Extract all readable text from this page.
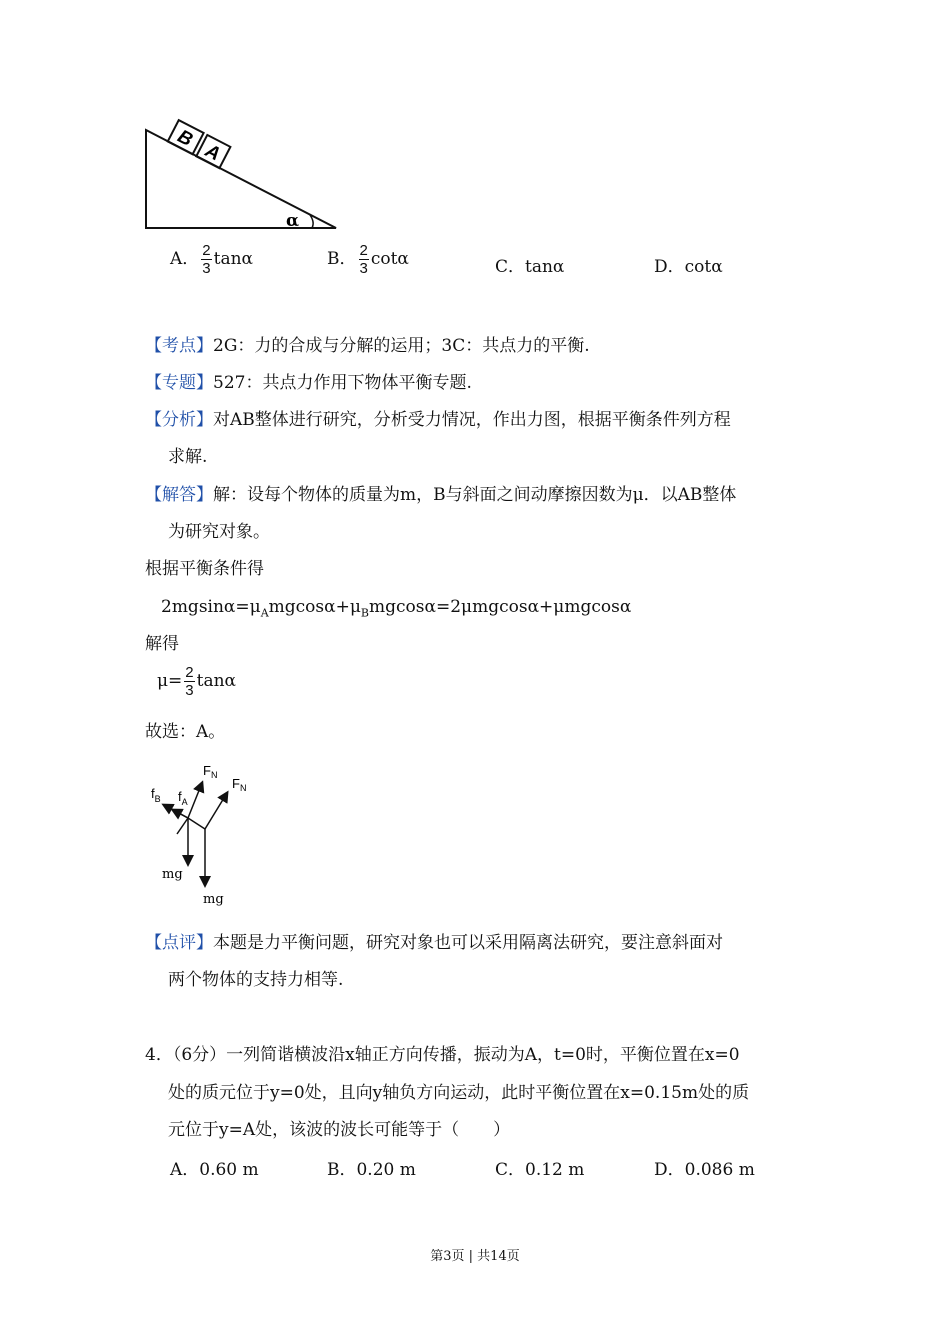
B
A
α
A． $\frac{2}{3}$ tanα	B． $\frac{2}{3}$ cotα	C．tanα	D．cotα
【考点】2G：力的合成与分解的运用；3C：共点力的平衡.
【专题】527：共点力作用下物体平衡专题.
【分析】对AB整体进行研究，分析受力情况，作出力图，根据平衡条件列方程
求解.
【解答】解：设每个物体的质量为m，B与斜面之间动摩擦因数为μ．以AB整体
为研究对象。
根据平衡条件得
$2mgsin\alpha=\mu_Amgcos\alpha+\mu_Bmgcos\alpha=2\mu mgcos\alpha+\mu mgcos\alpha$
解得
$\mu= \frac{2}{3}$ tanα
故选：A。
$F_N$
$F_N$
$f_B$ $f_A$
mg
mg
【点评】本题是力平衡问题，研究对象也可以采用隔离法研究，要注意斜面对
两个物体的支持力相等.
4．（6分）一列简谐横波沿x轴正方向传播，振动为A，t=0时，平衡位置在x=0
处的质元位于y=0处，且向y轴负方向运动，此时平衡位置在x=0.15m处的质
元位于y=A处，该波的波长可能等于（　　）
A．0.60 m	B．0.20 m	C．0.12 m	D．0.086 m
第3页 | 共14页
